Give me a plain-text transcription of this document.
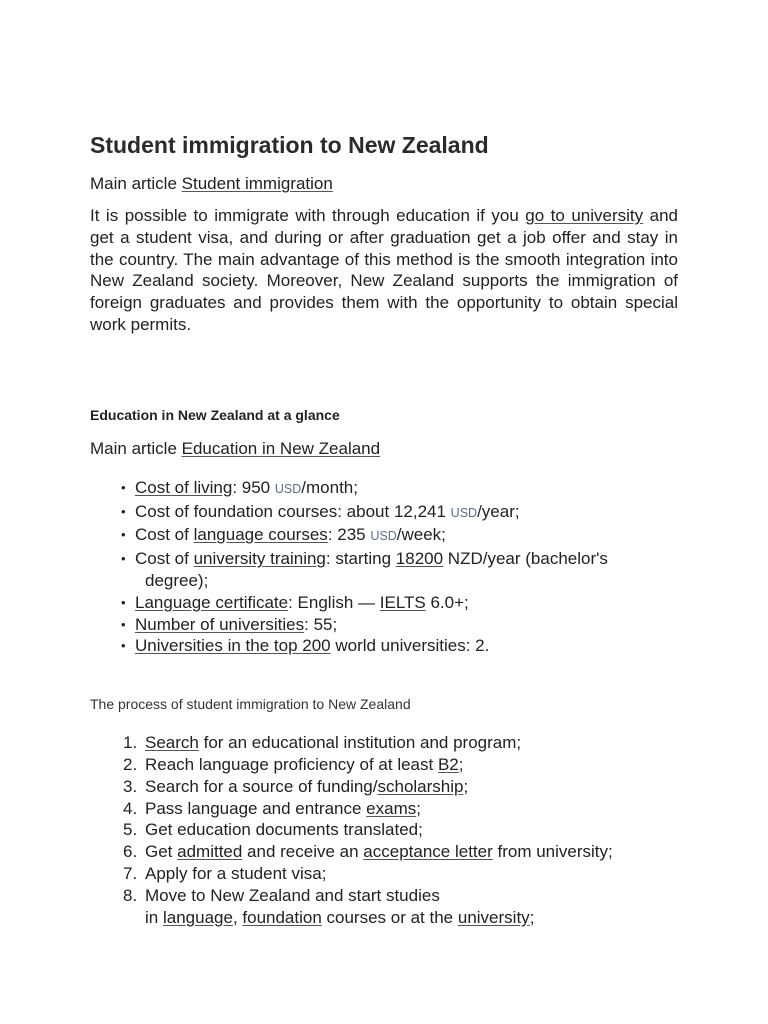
Student immigration to New Zealand

Main article Student immigration

It is possible to immigrate with through education if you go to university and get a student visa, and during or after graduation get a job offer and stay in the country. The main advantage of this method is the smooth integration into New Zealand society. Moreover, New Zealand supports the immigration of foreign graduates and provides them with the opportunity to obtain special work permits.

Education in New Zealand at a glance

Main article Education in New Zealand

• Cost of living: 950 USD/month;
• Cost of foundation courses: about 12,241 USD/year;
• Cost of language courses: 235 USD/week;
• Cost of university training: starting 18200 NZD/year (bachelor's
degree);
• Language certificate: English — IELTS 6.0+;
• Number of universities: 55;
• Universities in the top 200 world universities: 2.
The process of student immigration to New Zealand
1. Search for an educational institution and program;
2. Reach language proficiency of at least B2;
3. Search for a source of funding/scholarship;
4. Pass language and entrance exams;
5. Get education documents translated;
6. Get admitted and receive an acceptance letter from university;
7. Apply for a student visa;
8. Move to New Zealand and start studies
in language, foundation courses or at the university;
